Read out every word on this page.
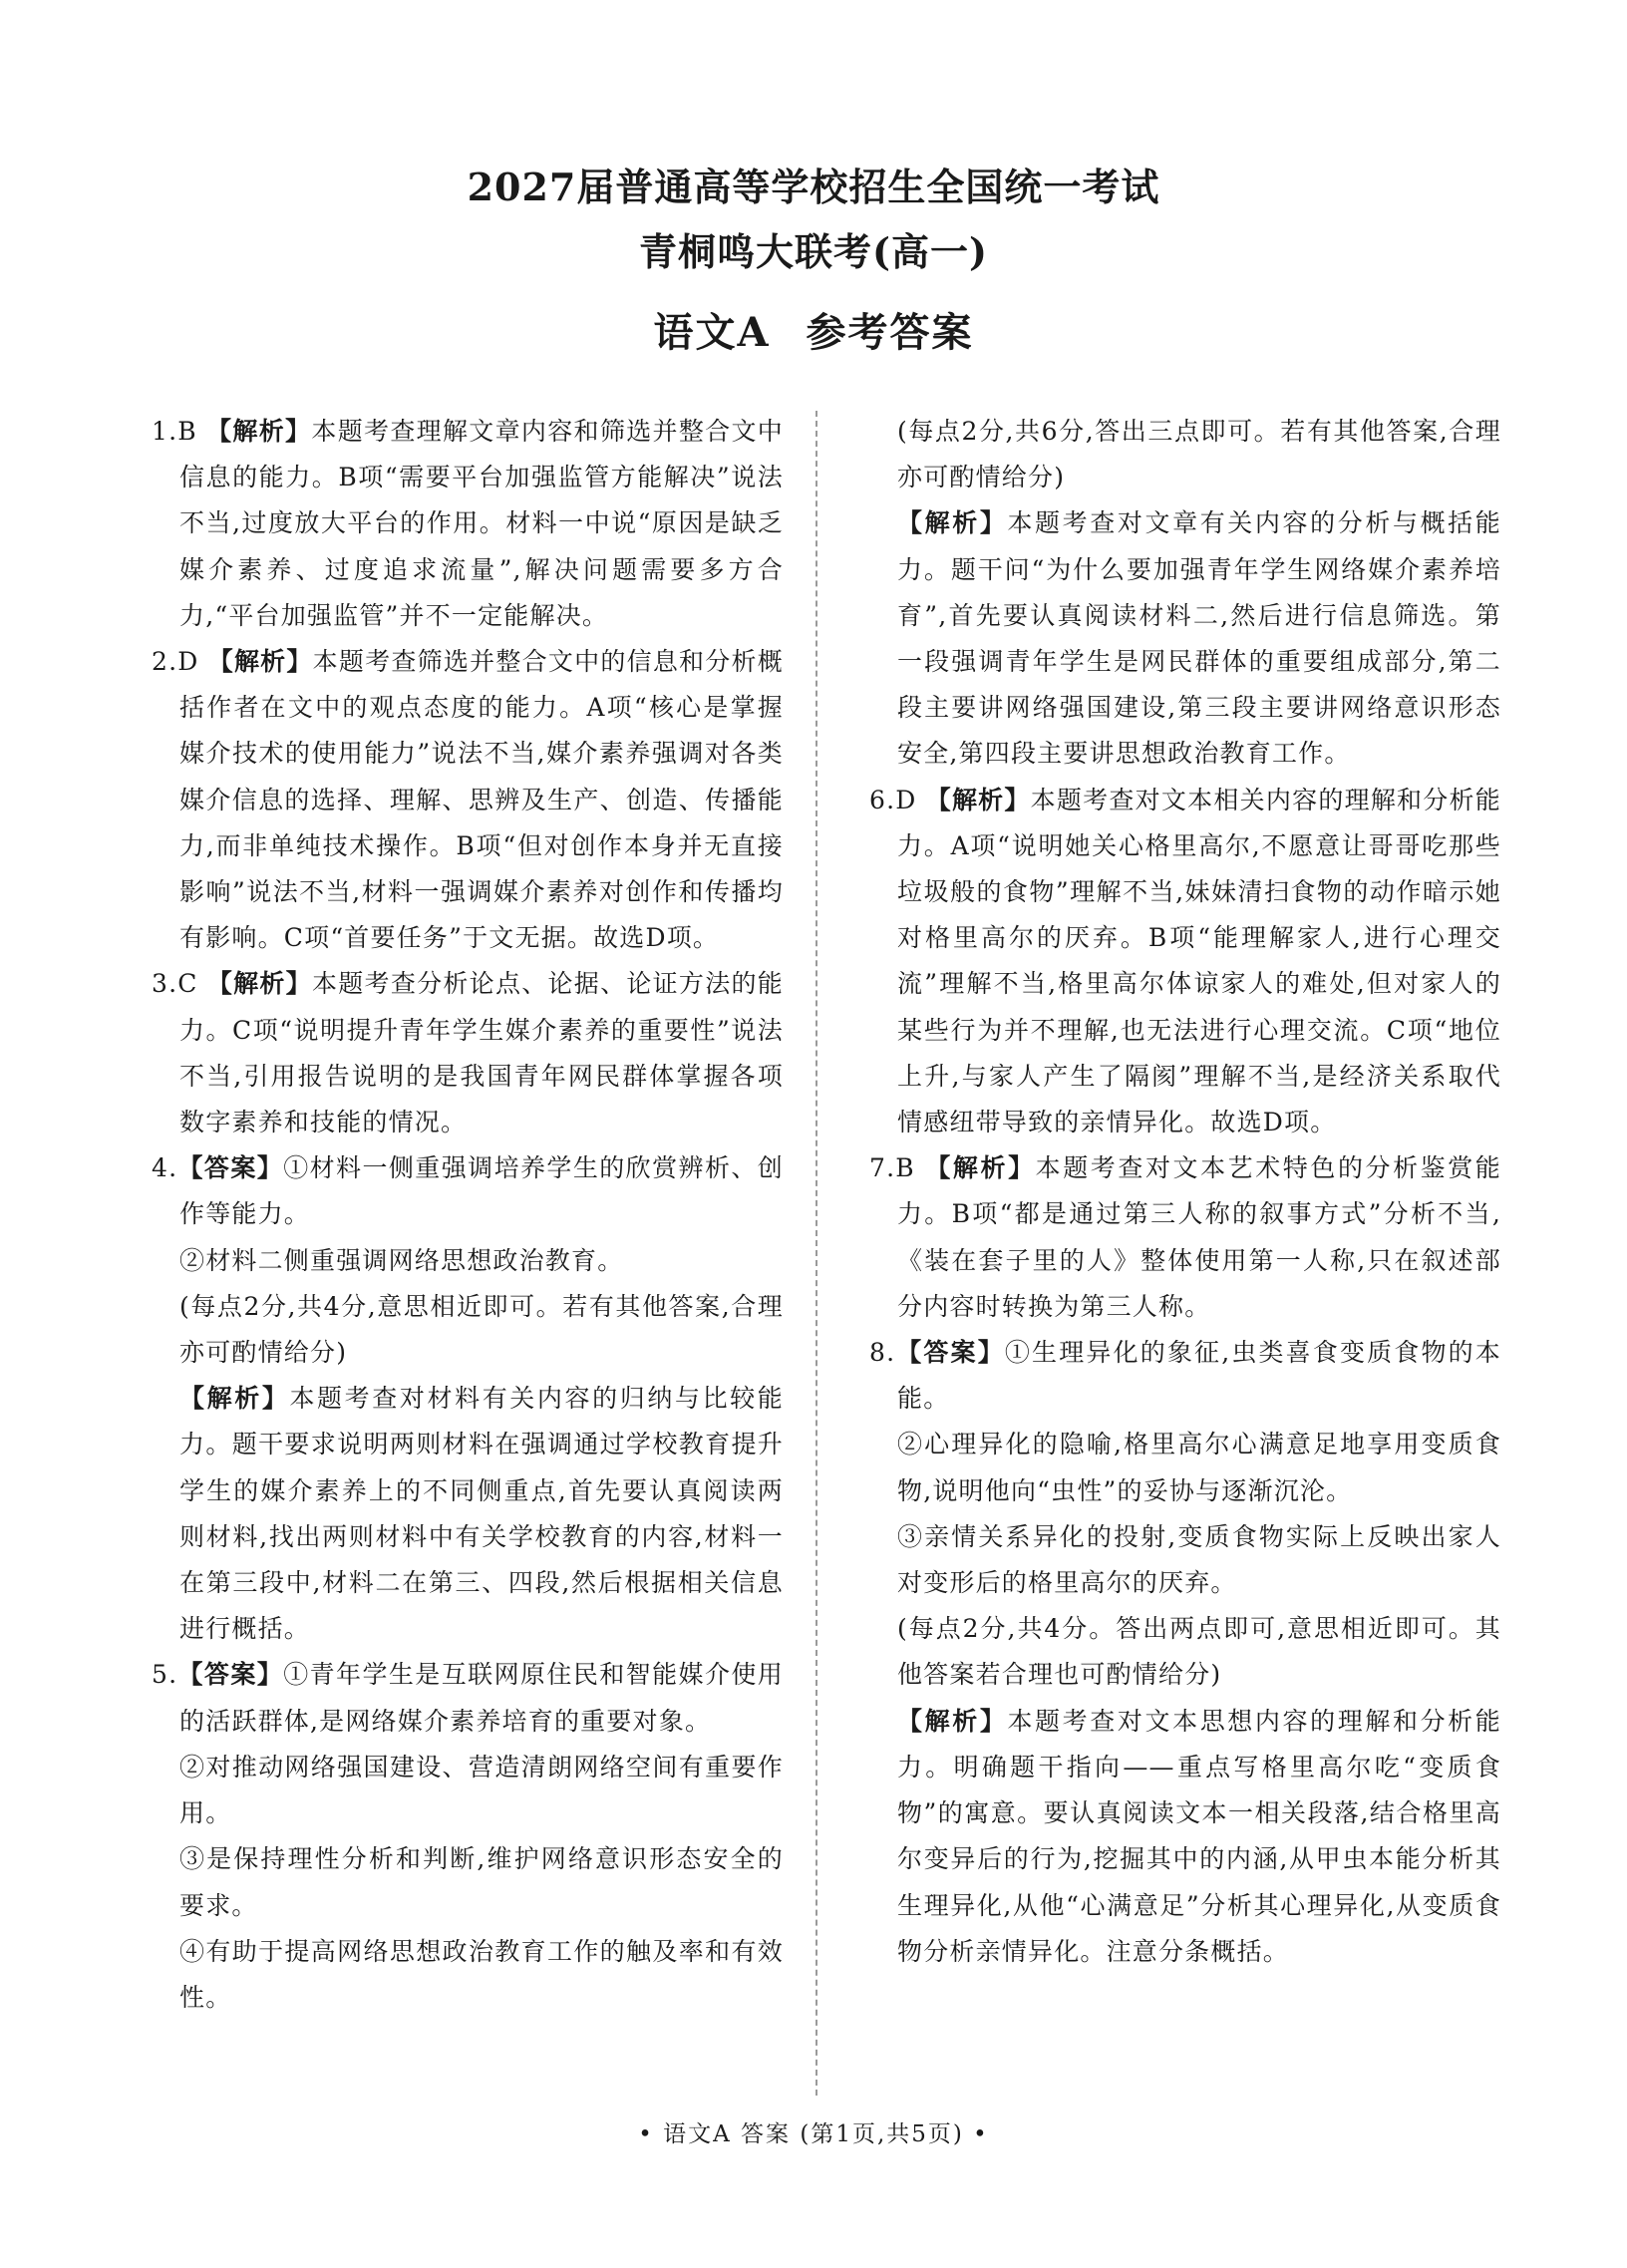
2027届普通高等学校招生全国统一考试
青桐鸣大联考(高一)
语文A 参考答案

1.B 【解析】本题考查理解文章内容和筛选并整合文中信息的能力。B项“需要平台加强监管方能解决”说法不当,过度放大平台的作用。材料一中说“原因是缺乏媒介素养、过度追求流量”,解决问题需要多方合力,“平台加强监管”并不一定能解决。

2.D 【解析】本题考查筛选并整合文中的信息和分析概括作者在文中的观点态度的能力。A项“核心是掌握媒介技术的使用能力”说法不当,媒介素养强调对各类媒介信息的选择、理解、思辨及生产、创造、传播能力,而非单纯技术操作。B项“但对创作本身并无直接影响”说法不当,材料一强调媒介素养对创作和传播均有影响。C项“首要任务”于文无据。故选D项。

3.C 【解析】本题考查分析论点、论据、论证方法的能力。C项“说明提升青年学生媒介素养的重要性”说法不当,引用报告说明的是我国青年网民群体掌握各项数字素养和技能的情况。

4.【答案】①材料一侧重强调培养学生的欣赏辨析、创作等能力。

②材料二侧重强调网络思想政治教育。

(每点2分,共4分,意思相近即可。若有其他答案,合理亦可酌情给分)

【解析】本题考查对材料有关内容的归纳与比较能力。题干要求说明两则材料在强调通过学校教育提升学生的媒介素养上的不同侧重点,首先要认真阅读两则材料,找出两则材料中有关学校教育的内容,材料一在第三段中,材料二在第三、四段,然后根据相关信息进行概括。

5.【答案】①青年学生是互联网原住民和智能媒介使用的活跃群体,是网络媒介素养培育的重要对象。

②对推动网络强国建设、营造清朗网络空间有重要作用。

③是保持理性分析和判断,维护网络意识形态安全的要求。

④有助于提高网络思想政治教育工作的触及率和有效性。

(每点2分,共6分,答出三点即可。若有其他答案,合理亦可酌情给分)

【解析】本题考查对文章有关内容的分析与概括能力。题干问“为什么要加强青年学生网络媒介素养培育”,首先要认真阅读材料二,然后进行信息筛选。第一段强调青年学生是网民群体的重要组成部分,第二段主要讲网络强国建设,第三段主要讲网络意识形态安全,第四段主要讲思想政治教育工作。

6.D 【解析】本题考查对文本相关内容的理解和分析能力。A项“说明她关心格里高尔,不愿意让哥哥吃那些垃圾般的食物”理解不当,妹妹清扫食物的动作暗示她对格里高尔的厌弃。B项“能理解家人,进行心理交流”理解不当,格里高尔体谅家人的难处,但对家人的某些行为并不理解,也无法进行心理交流。C项“地位上升,与家人产生了隔阂”理解不当,是经济关系取代情感纽带导致的亲情异化。故选D项。

7.B 【解析】本题考查对文本艺术特色的分析鉴赏能力。B项“都是通过第三人称的叙事方式”分析不当,《装在套子里的人》整体使用第一人称,只在叙述部分内容时转换为第三人称。

8.【答案】①生理异化的象征,虫类喜食变质食物的本能。

②心理异化的隐喻,格里高尔心满意足地享用变质食物,说明他向“虫性”的妥协与逐渐沉沦。

③亲情关系异化的投射,变质食物实际上反映出家人对变形后的格里高尔的厌弃。

(每点2分,共4分。答出两点即可,意思相近即可。其他答案若合理也可酌情给分)

【解析】本题考查对文本思想内容的理解和分析能力。明确题干指向——重点写格里高尔吃“变质食物”的寓意。要认真阅读文本一相关段落,结合格里高尔变异后的行为,挖掘其中的内涵,从甲虫本能分析其生理异化,从他“心满意足”分析其心理异化,从变质食物分析亲情异化。注意分条概括。

• 语文A 答案 (第1页,共5页) •
